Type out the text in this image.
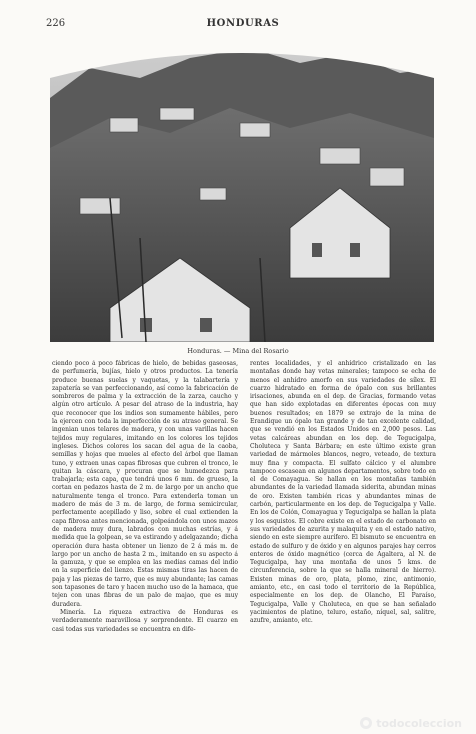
226	HONDURAS
Honduras. — Mina del Rosario

ciendo poco á poco fábricas de hielo, de bebidas gaseosas, de perfumería, bujías, hielo y otros productos. La tenería produce buenas suelas y vaquetas, y la talabartería y zapatería se van perfeccionando, así como la fabricación de sombreros de palma y la extracción de la zarza, caucho y algún otro artículo. A pesar del atraso de la industria, hay que reconocer que los indios son sumamente hábiles, pero la ejercen con toda la imperfección de su atraso general. Se ingenian unos telares de madera, y con unas varillas hacen tejidos muy regulares, imitando en los colores los tejidos ingleses. Dichos colores los sacan del agua de la caoba, semillas y hojas que mueles al efecto del árbol que llaman tuno, y extraen unas capas fibrosas que cubren el tronco, le quitan la cáscara, y procuran que se humedezca para trabajarla; esta capa, que tendrá unos 6 mm. de grueso, la cortan en pedazos hasta de 2 m. de largo por un ancho que naturalmente tenga el tronco. Para extenderla toman un madero de más de 3 m. de largo, de forma semicircular, perfectamente acepillado y liso, sobre el cual extienden la capa fibrosa antes mencionada, golpeándola con unos mazos de madera muy dura, labrados con muchas estrías, y á medida que la golpean, se va estirando y adelgazando; dicha operación dura hasta obtener un lienzo de 2 á más m. de largo por un ancho de hasta 2 m., imitando en su aspecto á la gamuza, y que se emplea en las medias camas del indio en la superficie del lienzo. Estas mismas tiras las hacen de paja y las piezas de tarro, que es muy abundante; las camas son tapasones de taro y hacen mucho uso de la hamaca, que tejen con unas fibras de un palo de majao, que es muy duradera.

Minería. La riqueza extractiva de Honduras es verdaderamente maravillosa y sorprendente. El cuarzo en casi todas sus variedades se encuentra en dife-

rentes localidades, y el anhídrico cristalizado en las montañas donde hay vetas minerales; tampoco se echa de menos el anhídro amorfo en sus variedades de sílex. El cuarzo hidratado en forma de ópalo con sus brillantes irisaciones, abunda en el dep. de Gracias, formando vetas que han sido explotadas en diferentes épocas con muy buenos resultados; en 1879 se extrajo de la mina de Erandique un ópalo tan grande y de tan excelente calidad, que se vendió en los Estados Unidos en 2,000 pesos. Las vetas calcáreas abundan en los dep. de Tegucigalpa, Choluteca y Santa Bárbara; en este último existe gran variedad de mármoles blancos, negro, veteado, de textura muy fina y compacta. El sulfato cálcico y el alumbre tampoco escasean en algunos departamentos, sobre todo en el de Comayagua. Se hallan en los montañas también abundantes de la variedad llamada siderita, abundan minas de oro. Existen también ricas y abundantes minas de carbón, particularmente en los dep. de Tegucigalpa y Valle. En los de Colón, Comayagua y Tegucigalpa se hallan la plata y los esquistos. El cobre existe en el estado de carbonato en sus variedades de azurita y malaquita y en el estado nativo, siendo en este siempre aurífero. El bismuto se encuentra en estado de sulfuro y de óxido y en algunos parajes hay cerros enteros de óxido magnético (cerca de Agaltera, al N. de Tegucigalpa, hay una montaña de unos 5 kms. de circunferencia, sobre la que se halla mineral de hierro). Existen minas de oro, plata, plomo, zinc, antimonio, amianto, etc., en casi todo el territorio de la República, especialmente en los dep. de Olancho, El Paraíso, Tegucigalpa, Valle y Choluteca, en que se han señalado yacimientos de platino, teluro, estaño, níquel, sal, salitre, azufre, amianto, etc.

todocoleccion
